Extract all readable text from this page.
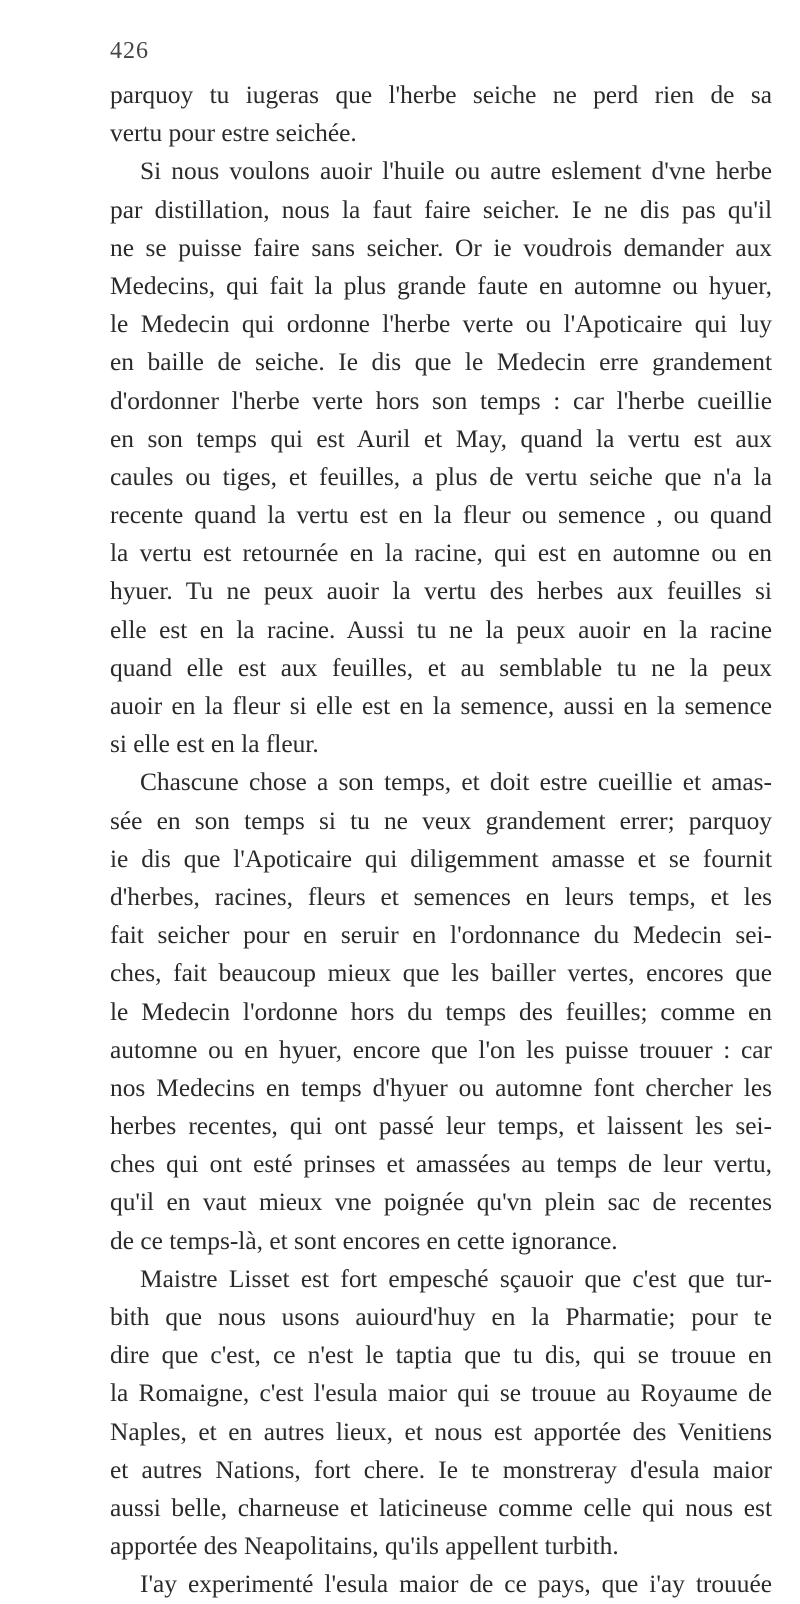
426
parquoy tu iugeras que l'herbe seiche ne perd rien de sa
vertu pour estre seichée.
Si nous voulons auoir l'huile ou autre eslement d'vne herbe
par distillation, nous la faut faire seicher. Ie ne dis pas qu'il
ne se puisse faire sans seicher. Or ie voudrois demander aux
Medecins, qui fait la plus grande faute en automne ou hyuer,
le Medecin qui ordonne l'herbe verte ou l'Apoticaire qui luy
en baille de seiche. Ie dis que le Medecin erre grandement
d'ordonner l'herbe verte hors son temps : car l'herbe cueillie
en son temps qui est Auril et May, quand la vertu est aux
caules ou tiges, et feuilles, a plus de vertu seiche que n'a la
recente quand la vertu est en la fleur ou semence , ou quand
la vertu est retournée en la racine, qui est en automne ou en
hyuer. Tu ne peux auoir la vertu des herbes aux feuilles si
elle est en la racine. Aussi tu ne la peux auoir en la racine
quand elle est aux feuilles, et au semblable tu ne la peux
auoir en la fleur si elle est en la semence, aussi en la semence
si elle est en la fleur.
Chascune chose a son temps, et doit estre cueillie et amas-
sée en son temps si tu ne veux grandement errer; parquoy
ie dis que l'Apoticaire qui diligemment amasse et se fournit
d'herbes, racines, fleurs et semences en leurs temps, et les
fait seicher pour en seruir en l'ordonnance du Medecin sei-
ches, fait beaucoup mieux que les bailler vertes, encores que
le Medecin l'ordonne hors du temps des feuilles; comme en
automne ou en hyuer, encore que l'on les puisse trouuer : car
nos Medecins en temps d'hyuer ou automne font chercher les
herbes recentes, qui ont passé leur temps, et laissent les sei-
ches qui ont esté prinses et amassées au temps de leur vertu,
qu'il en vaut mieux vne poignée qu'vn plein sac de recentes
de ce temps-là, et sont encores en cette ignorance.
Maistre Lisset est fort empesché sçauoir que c'est que tur-
bith que nous usons auiourd'huy en la Pharmatie; pour te
dire que c'est, ce n'est le taptia que tu dis, qui se trouue en
la Romaigne, c'est l'esula maior qui se trouue au Royaume de
Naples, et en autres lieux, et nous est apportée des Venitiens
et autres Nations, fort chere. Ie te monstreray d'esula maior
aussi belle, charneuse et laticineuse comme celle qui nous est
apportée des Neapolitains, qu'ils appellent turbith.
I'ay experimenté l'esula maior de ce pays, que i'ay trouuée
